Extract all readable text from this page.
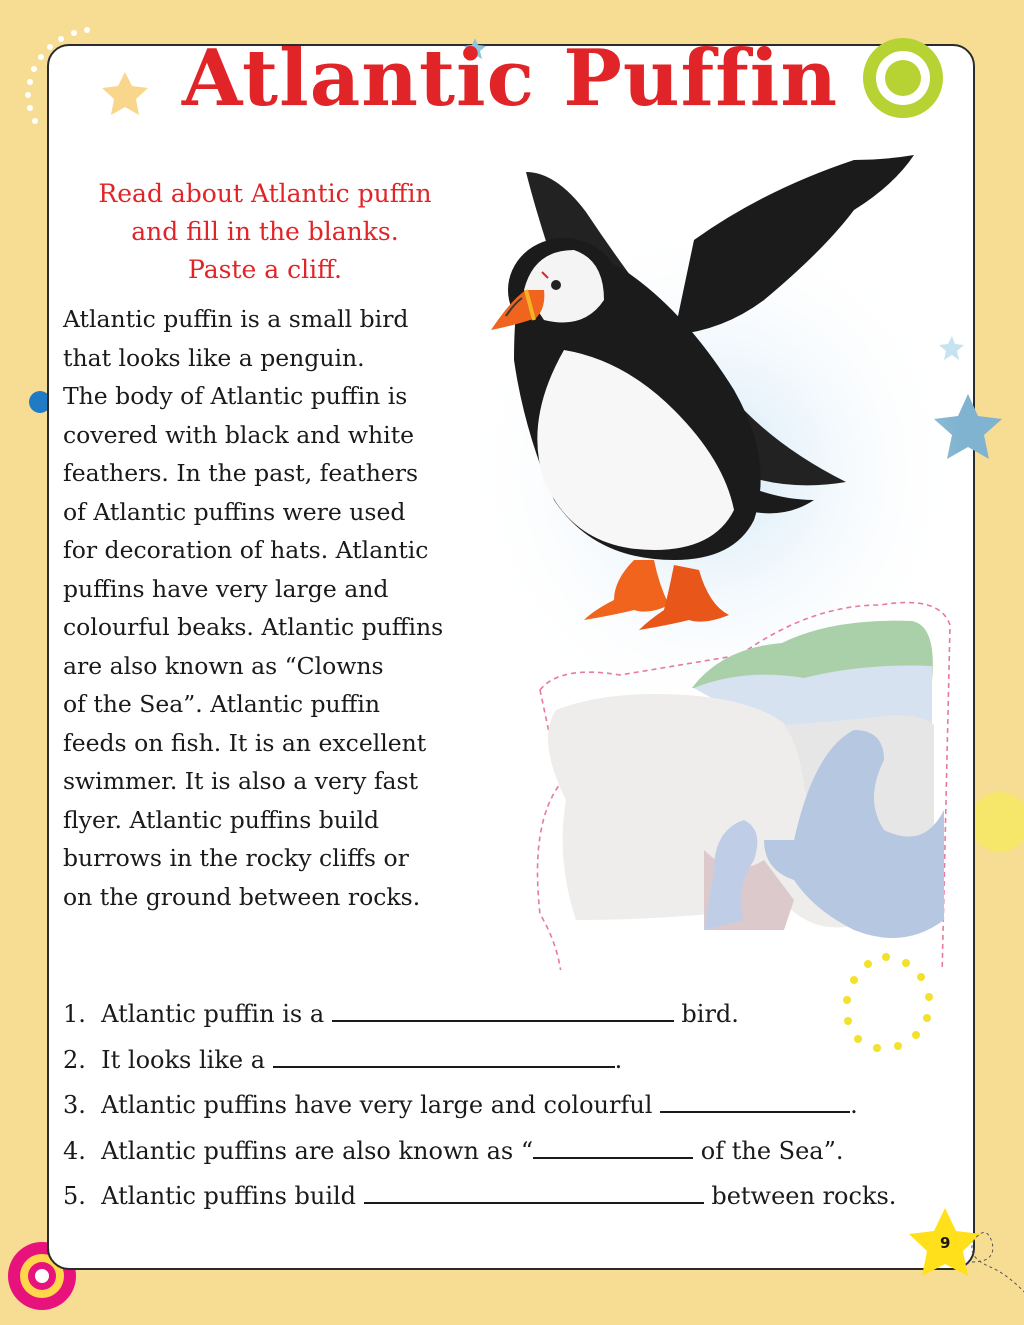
9
Atlantic Puffin
Read about Atlantic puffin
and fill in the blanks.
Paste a cliff.
Atlantic puffin is a small bird
that looks like a penguin.
The body of Atlantic puffin is
covered with black and white
feathers. In the past, feathers
of Atlantic puffins were used
for decoration of hats. Atlantic
puffins have very large and
colourful beaks. Atlantic puffins
are also known as “Clowns
of the Sea”. Atlantic puffin
feeds on fish. It is an excellent
swimmer. It is also a very fast
flyer. Atlantic puffins build
burrows in the rocky cliffs or
on the ground between rocks.
1. Atlantic puffin is a	bird.
2. It looks like a	.
3. Atlantic puffins have very large and colourful	.
4. Atlantic puffins are also known as “	of the Sea”.
5. Atlantic puffins build	between rocks.
